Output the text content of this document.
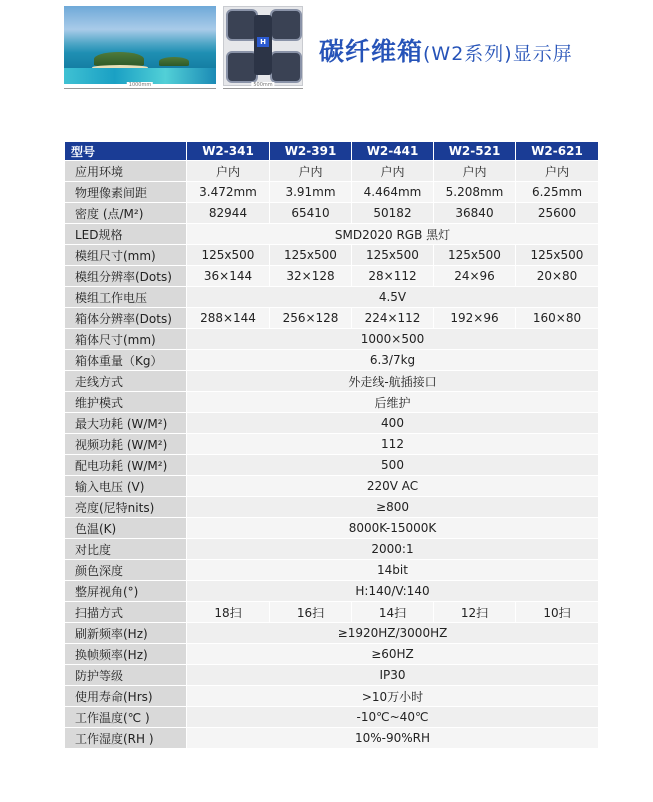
1000mm
H
500mm
碳纤维箱(W2系列)显示屏
型号	W2-341	W2-391	W2-441	W2-521	W2-621
应用环境	户内	户内	户内	户内	户内
物理像素间距	3.472mm	3.91mm	4.464mm	5.208mm	6.25mm
密度 (点/M²)	82944	65410	50182	36840	25600
LED规格	SMD2020 RGB 黑灯				
模组尺寸(mm)	125x500	125x500	125x500	125x500	125x500
模组分辨率(Dots)	36×144	32×128	28×112	24×96	20×80
模组工作电压	4.5V				
箱体分辨率(Dots)	288×144	256×128	224×112	192×96	160×80
箱体尺寸(mm)	1000×500				
箱体重量（Kg）	6.3/7kg				
走线方式	外走线-航插接口				
维护模式	后维护				
最大功耗 (W/M²)	400				
视频功耗 (W/M²)	112				
配电功耗 (W/M²)	500				
输入电压 (V)	220V AC				
亮度(尼特nits)	≥800				
色温(K)	8000K-15000K				
对比度	2000:1				
颜色深度	14bit				
整屏视角(°)	H:140/V:140				
扫描方式	18扫	16扫	14扫	12扫	10扫
刷新频率(Hz)	≥1920HZ/3000HZ				
换帧频率(Hz)	≥60HZ				
防护等级	IP30				
使用寿命(Hrs)	>10万小时				
工作温度(℃ )	-10℃~40℃				
工作湿度(RH )	10%-90%RH				
